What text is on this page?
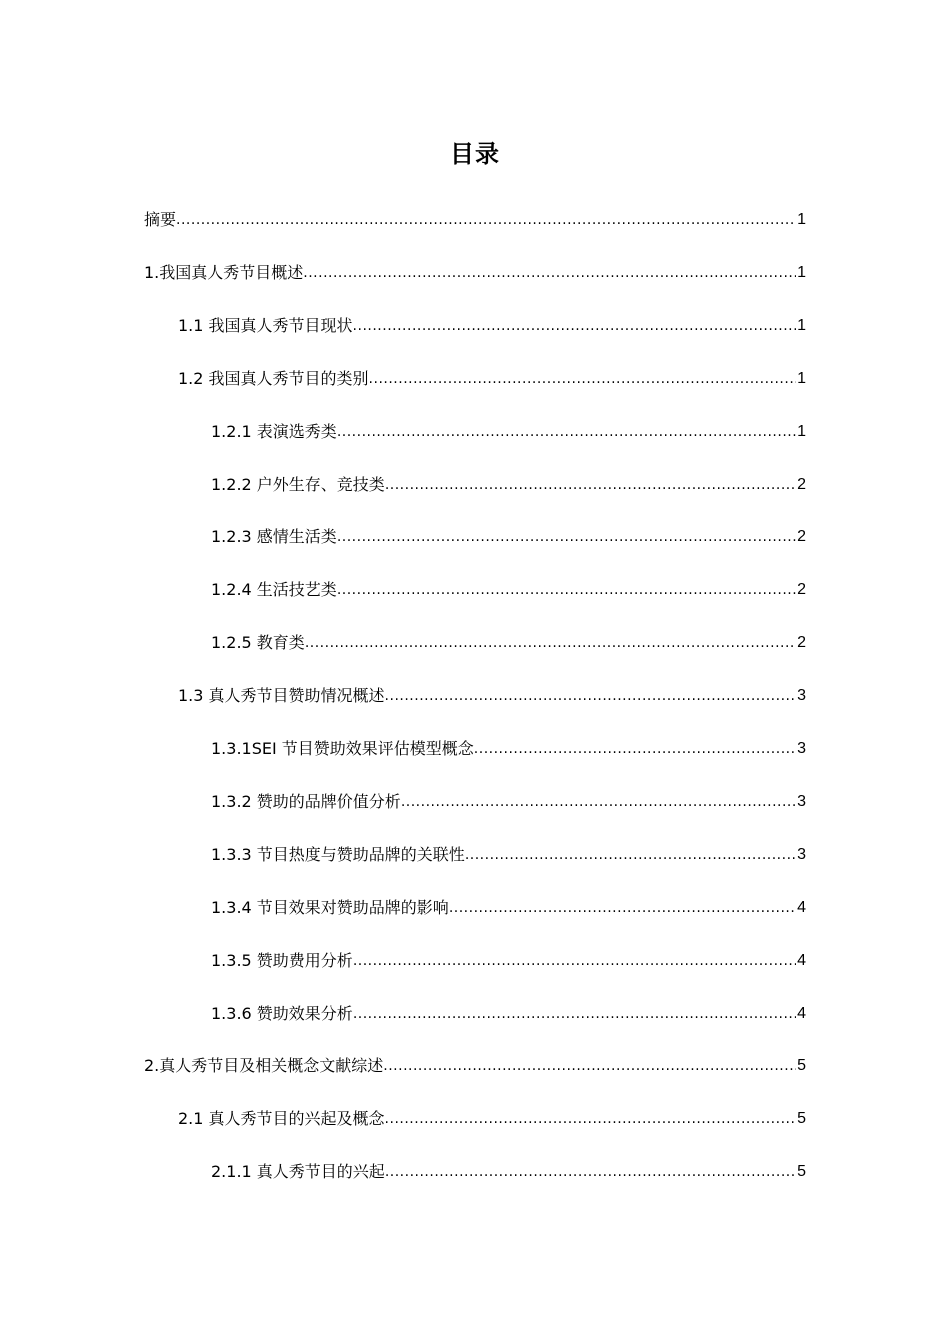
目录
摘要 .....	1
1.我国真人秀节目概述 .....	1
1.1 我国真人秀节目现状 .....	1
1.2 我国真人秀节目的类别 .....	1
1.2.1 表演选秀类 .....	1
1.2.2 户外生存、竞技类 .....	2
1.2.3 感情生活类 .....	2
1.2.4 生活技艺类 .....	2
1.2.5 教育类 .....	2
1.3 真人秀节目赞助情况概述 .....	3
1.3.1SEI 节目赞助效果评估模型概念 .....	3
1.3.2 赞助的品牌价值分析 .....	3
1.3.3 节目热度与赞助品牌的关联性 .....	3
1.3.4 节目效果对赞助品牌的影响 .....	4
1.3.5 赞助费用分析 .....	4
1.3.6 赞助效果分析 .....	4
2.真人秀节目及相关概念文献综述 .....	5
2.1 真人秀节目的兴起及概念 .....	5
2.1.1 真人秀节目的兴起 .....	5
